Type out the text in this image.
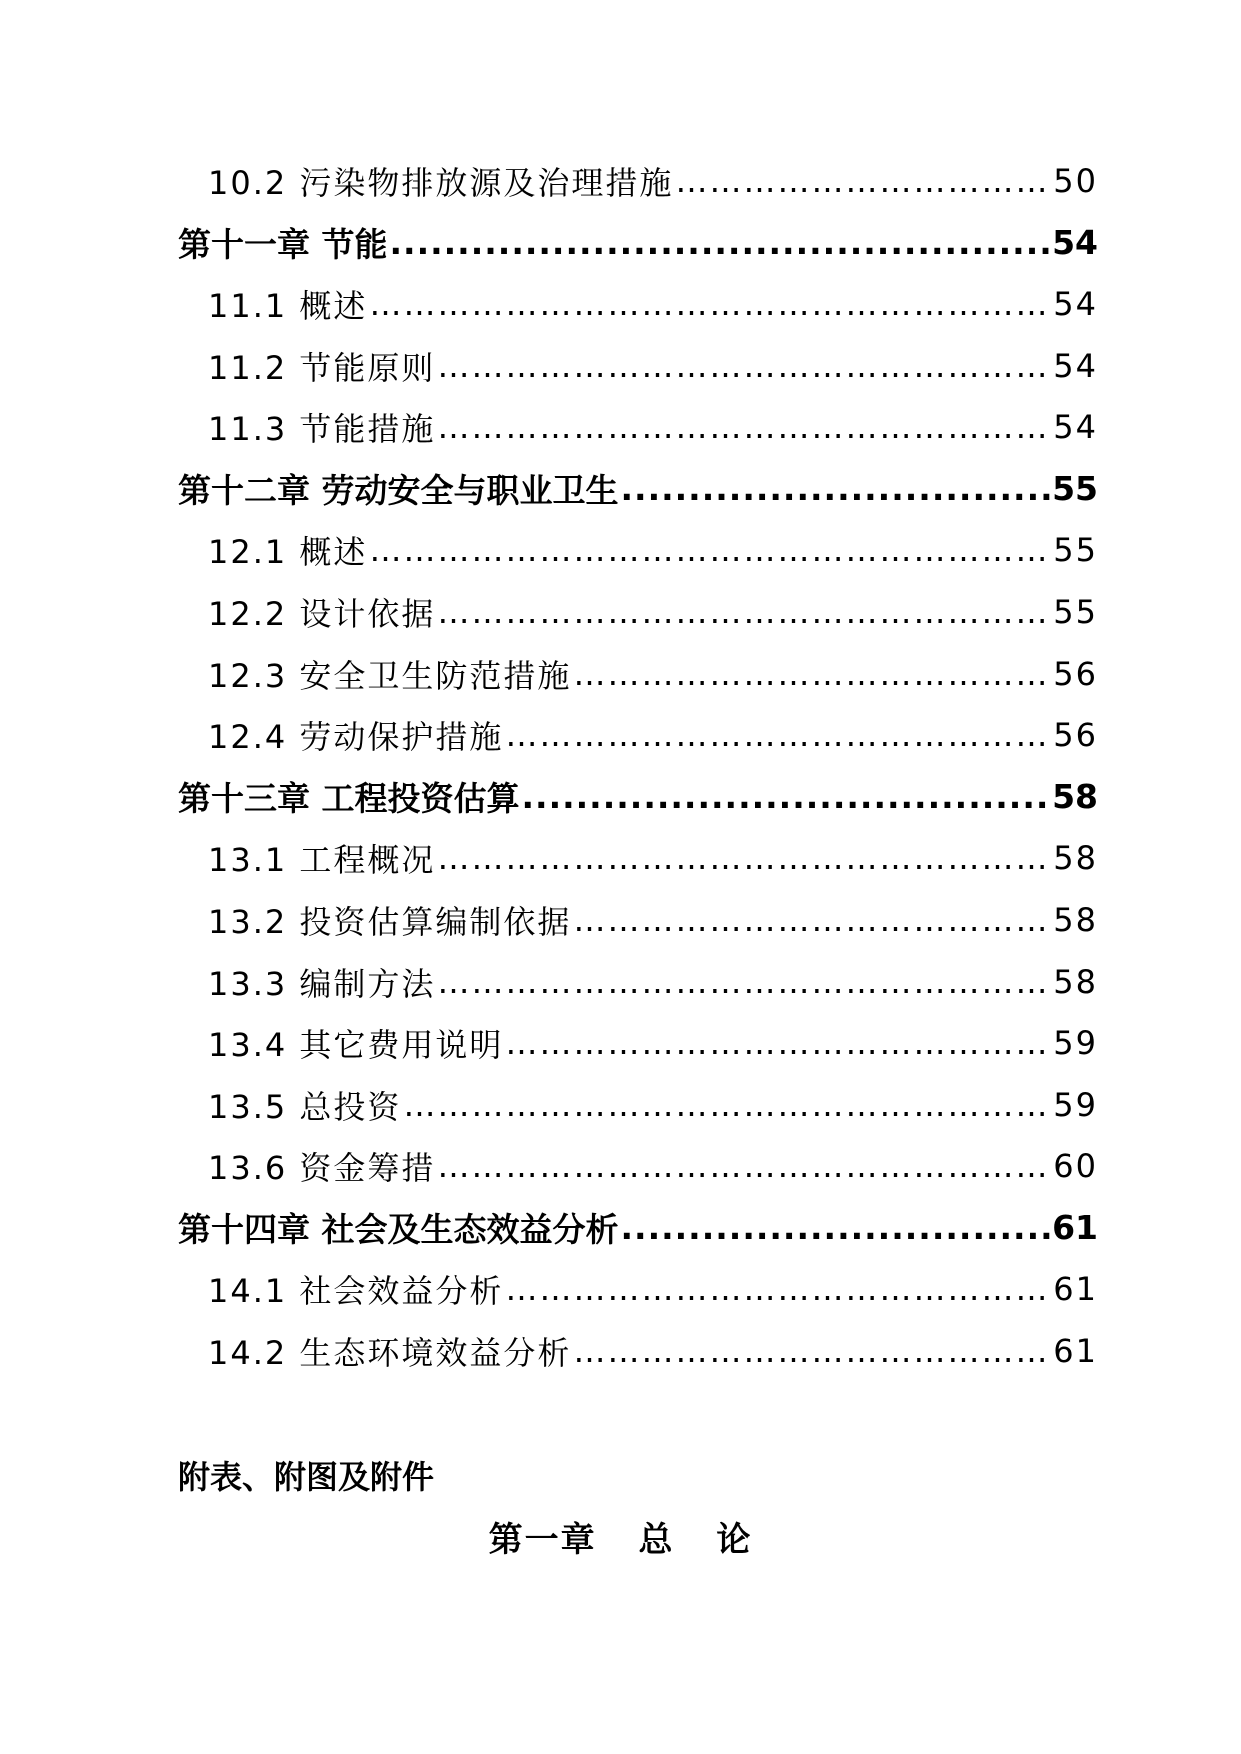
10.2 污染物排放源及治理措施 ……………………………………………………………………………………………………………………………	50
第十一章 节能 .....	54
11.1 概述 ……………………………………………………………………………………………………………………………	54
11.2 节能原则 ……………………………………………………………………………………………………………………………	54
11.3 节能措施 ……………………………………………………………………………………………………………………………	54
第十二章 劳动安全与职业卫生 .....	55
12.1 概述 ……………………………………………………………………………………………………………………………	55
12.2 设计依据 ……………………………………………………………………………………………………………………………	55
12.3 安全卫生防范措施 ……………………………………………………………………………………………………………………………	56
12.4 劳动保护措施 ……………………………………………………………………………………………………………………………	56
第十三章 工程投资估算 .....	58
13.1 工程概况 ……………………………………………………………………………………………………………………………	58
13.2 投资估算编制依据 ……………………………………………………………………………………………………………………………	58
13.3 编制方法 ……………………………………………………………………………………………………………………………	58
13.4 其它费用说明 ……………………………………………………………………………………………………………………………	59
13.5 总投资 ……………………………………………………………………………………………………………………………	59
13.6 资金筹措 ……………………………………………………………………………………………………………………………	60
第十四章 社会及生态效益分析 .....	61
14.1 社会效益分析 ……………………………………………………………………………………………………………………………	61
14.2 生态环境效益分析 ……………………………………………………………………………………………………………………………	61
附表、附图及附件
第一章 总 论
